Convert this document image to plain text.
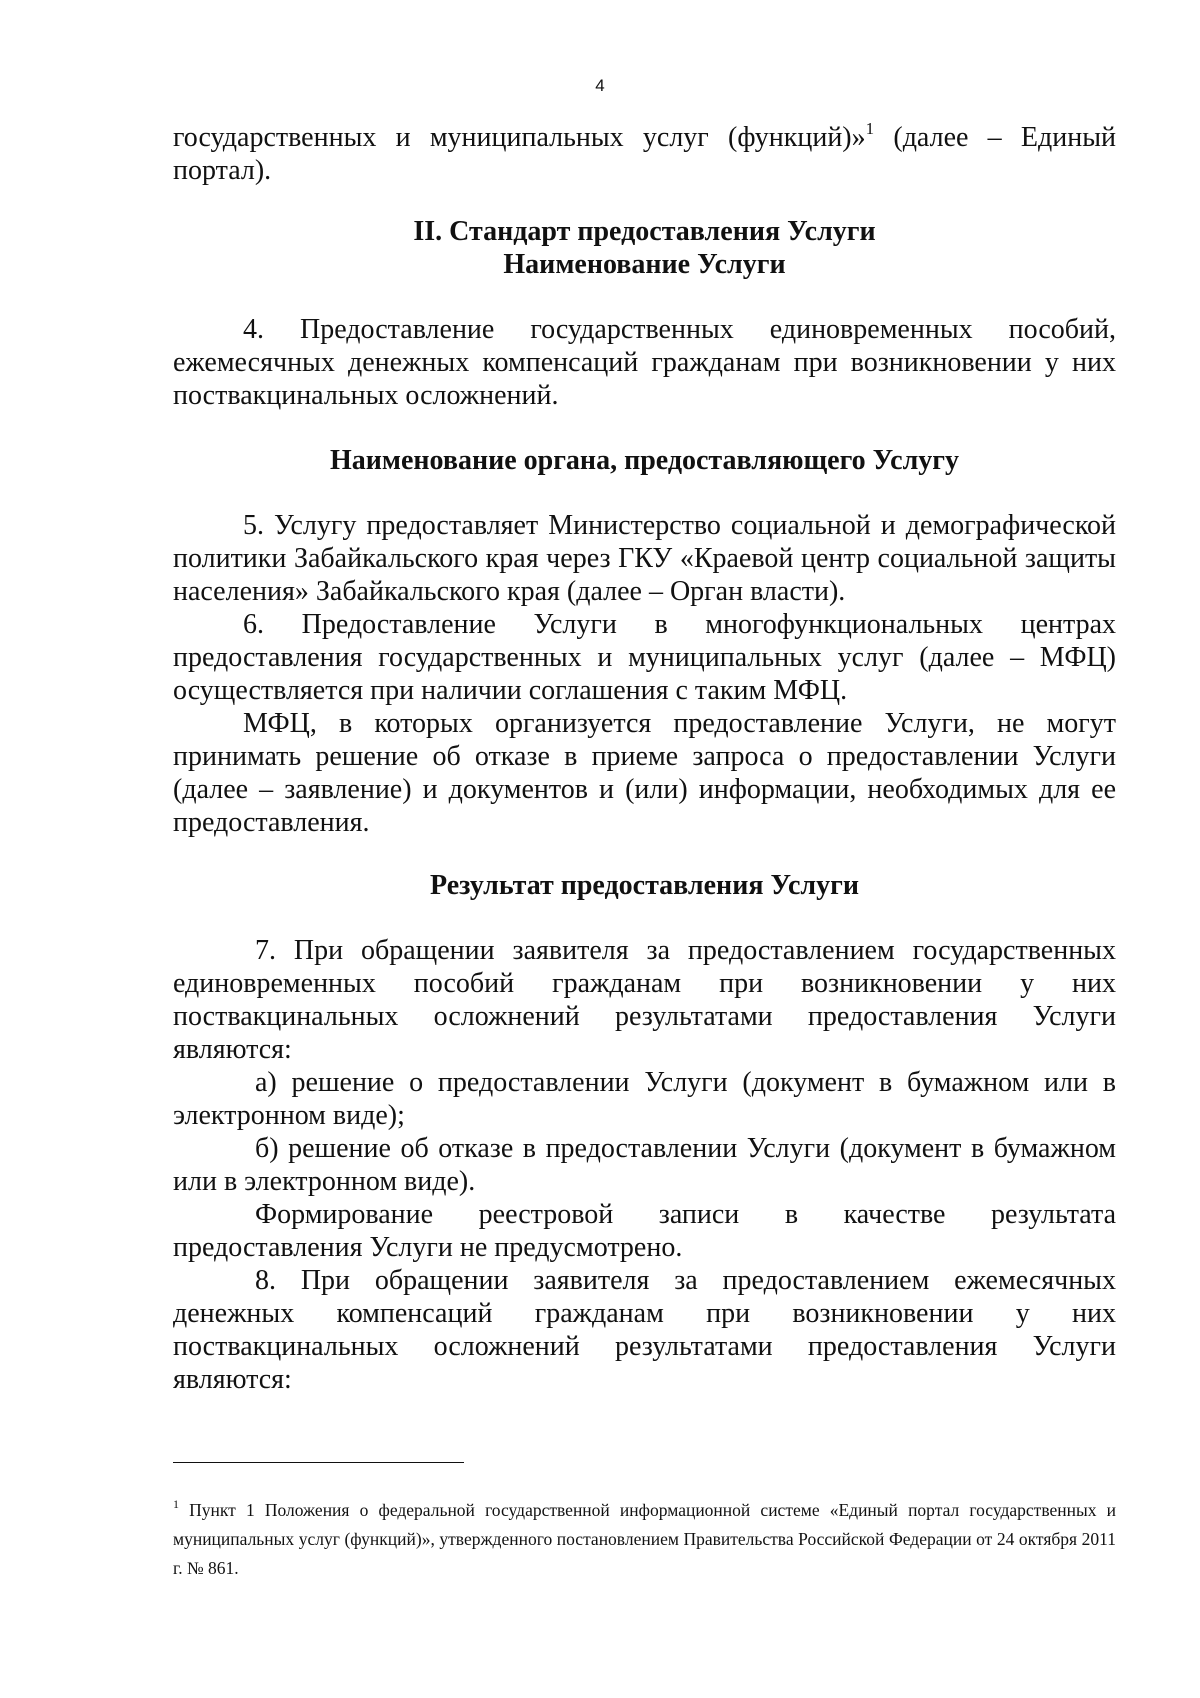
4

государственных и муниципальных услуг (функций)»$^1$ (далее – Единый портал).

II. Стандарт предоставления Услуги
Наименование Услуги

4. Предоставление государственных единовременных пособий, ежемесячных денежных компенсаций гражданам при возникновении у них поствакцинальных осложнений.

Наименование органа, предоставляющего Услугу

5. Услугу предоставляет Министерство социальной и демографической политики Забайкальского края через ГКУ «Краевой центр социальной защиты населения» Забайкальского края (далее – Орган власти).

6. Предоставление Услуги в многофункциональных центрах предоставления государственных и муниципальных услуг (далее – МФЦ) осуществляется при наличии соглашения с таким МФЦ.

МФЦ, в которых организуется предоставление Услуги, не могут принимать решение об отказе в приеме запроса о предоставлении Услуги (далее – заявление) и документов и (или) информации, необходимых для ее предоставления.

Результат предоставления Услуги

7. При обращении заявителя за предоставлением государственных единовременных пособий гражданам при возникновении у них поствакцинальных осложнений результатами предоставления Услуги являются:

а) решение о предоставлении Услуги (документ в бумажном или в электронном виде);

б) решение об отказе в предоставлении Услуги (документ в бумажном или в электронном виде).

Формирование реестровой записи в качестве результата предоставления Услуги не предусмотрено.

8. При обращении заявителя за предоставлением ежемесячных денежных компенсаций гражданам при возникновении у них поствакцинальных осложнений результатами предоставления Услуги являются:

$^1$ Пункт 1 Положения о федеральной государственной информационной системе «Единый портал государственных и муниципальных услуг (функций)», утвержденного постановлением Правительства Российской Федерации от 24 октября 2011 г. № 861.
